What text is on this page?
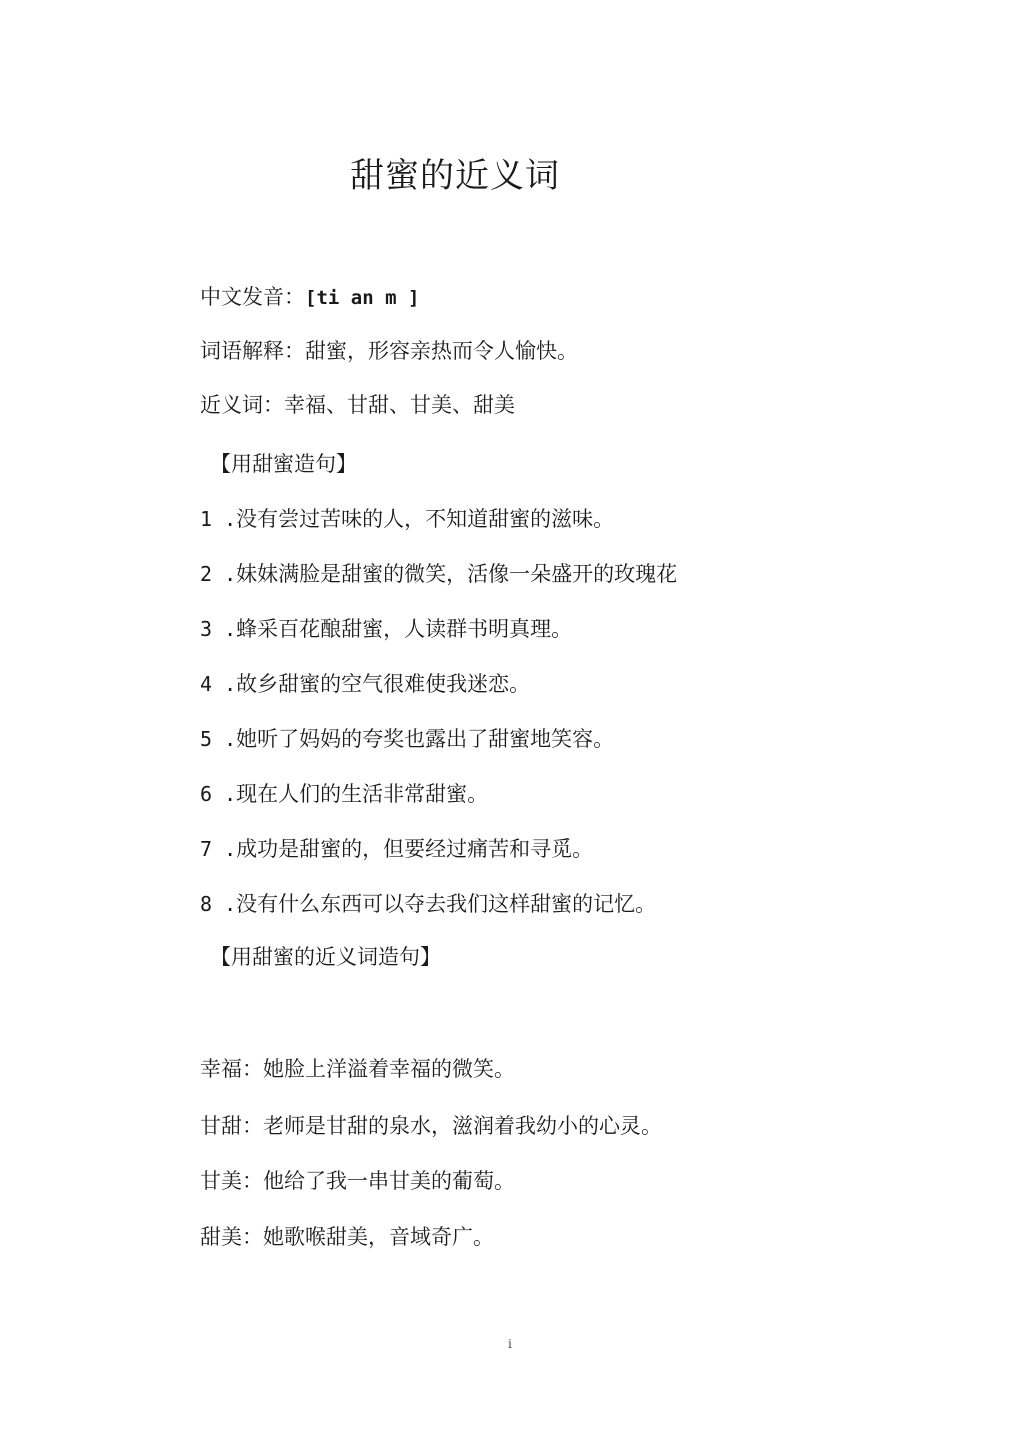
甜蜜的近义词
中文发音：[ti an m ]
词语解释：甜蜜，形容亲热而令人愉快。
近义词：幸福、甘甜、甘美、甜美
【用甜蜜造句】
1 .没有尝过苦味的人，不知道甜蜜的滋味。
2 .妹妹满脸是甜蜜的微笑，活像一朵盛开的玫瑰花
3 .蜂采百花酿甜蜜，人读群书明真理。
4 .故乡甜蜜的空气很难使我迷恋。
5 .她听了妈妈的夸奖也露出了甜蜜地笑容。
6 .现在人们的生活非常甜蜜。
7 .成功是甜蜜的，但要经过痛苦和寻觅。
8 .没有什么东西可以夺去我们这样甜蜜的记忆。
【用甜蜜的近义词造句】
幸福：她脸上洋溢着幸福的微笑。
甘甜：老师是甘甜的泉水，滋润着我幼小的心灵。
甘美：他给了我一串甘美的葡萄。
甜美：她歌喉甜美，音域奇广。
i
